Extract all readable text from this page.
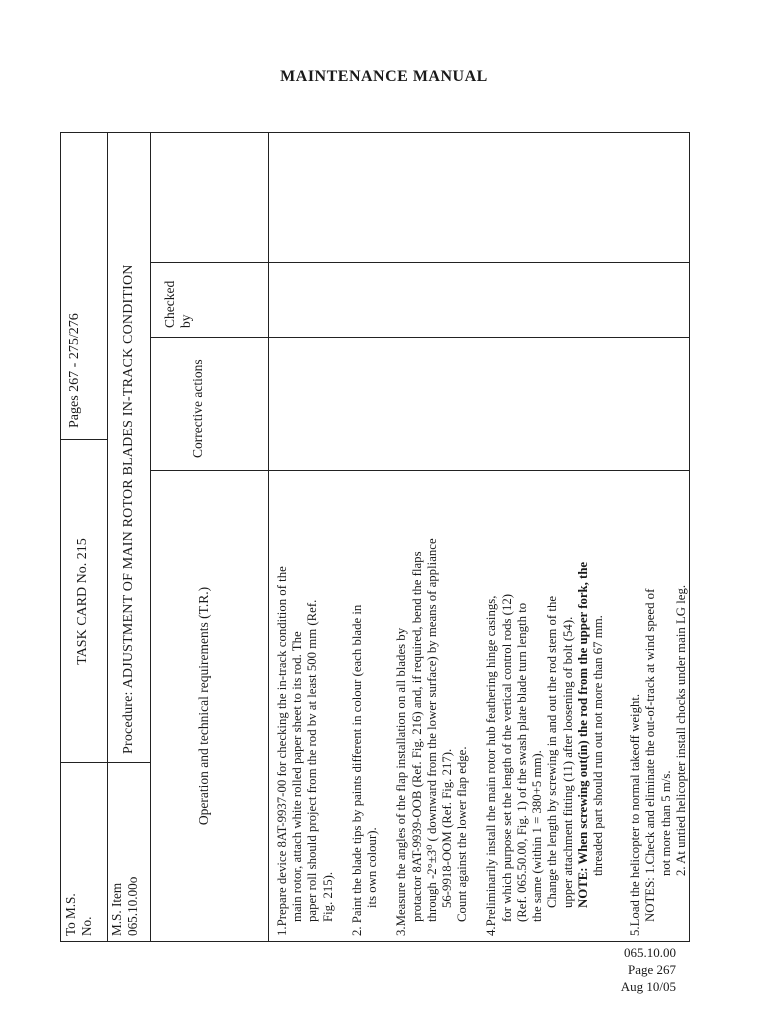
MAINTENANCE MANUAL
To M.S. No.
TASK CARD No. 215
Pages 267 - 275/276
M.S. Item 065.10.00o
Procedure: ADJUSTMENT OF MAIN ROTOR BLADES IN-TRACK CONDITION	Operation and technical requirements (T.R.)
Corrective actions
Checked by

1.Prepare device 8AT-9937-00 for checking the in-track condition of the main rotor, attach white rolled paper sheet to its rod. The paper roll should project from the rod bv at least 500 mm (Ref. Fig. 215). 2. Paint the blade tips by paints different in colour (each blade in its own colour). 3.Measure the angles of the flap installation on all blades by protactor 8AT-9939-OOB (Ref. Fig. 216) and, if required, bend the flaps through -2°±3⁰ ( downward from the lower surface) by means of appliance 56-9918-OOM (Ref. Fig. 217). Count against the lower flap edge. 4.Preliminarily install the main rotor hub feathering hinge casings, for which purpose set the length of the vertical control rods (12) (Ref. 065.50.00, Fig. 1) of the swash plate blade turn length to the same (within 1 = 380+5 mm). Change the length by screwing in and out the rod stem of the upper attachment fitting (11) after loosening of bolt (54). NOTE: When screwing out(in) the rod from the upper fork, the threaded part should run out not more than 67 mm. 5.Load the helicopter to normal takeoff weight. NOTES: 1.Check and eliminate the out-of-track at wind speed of not more than 5 m/s. 2. At untied helicopter install chocks under main LG leg.

065.10.00
Page 267
Aug 10/05
